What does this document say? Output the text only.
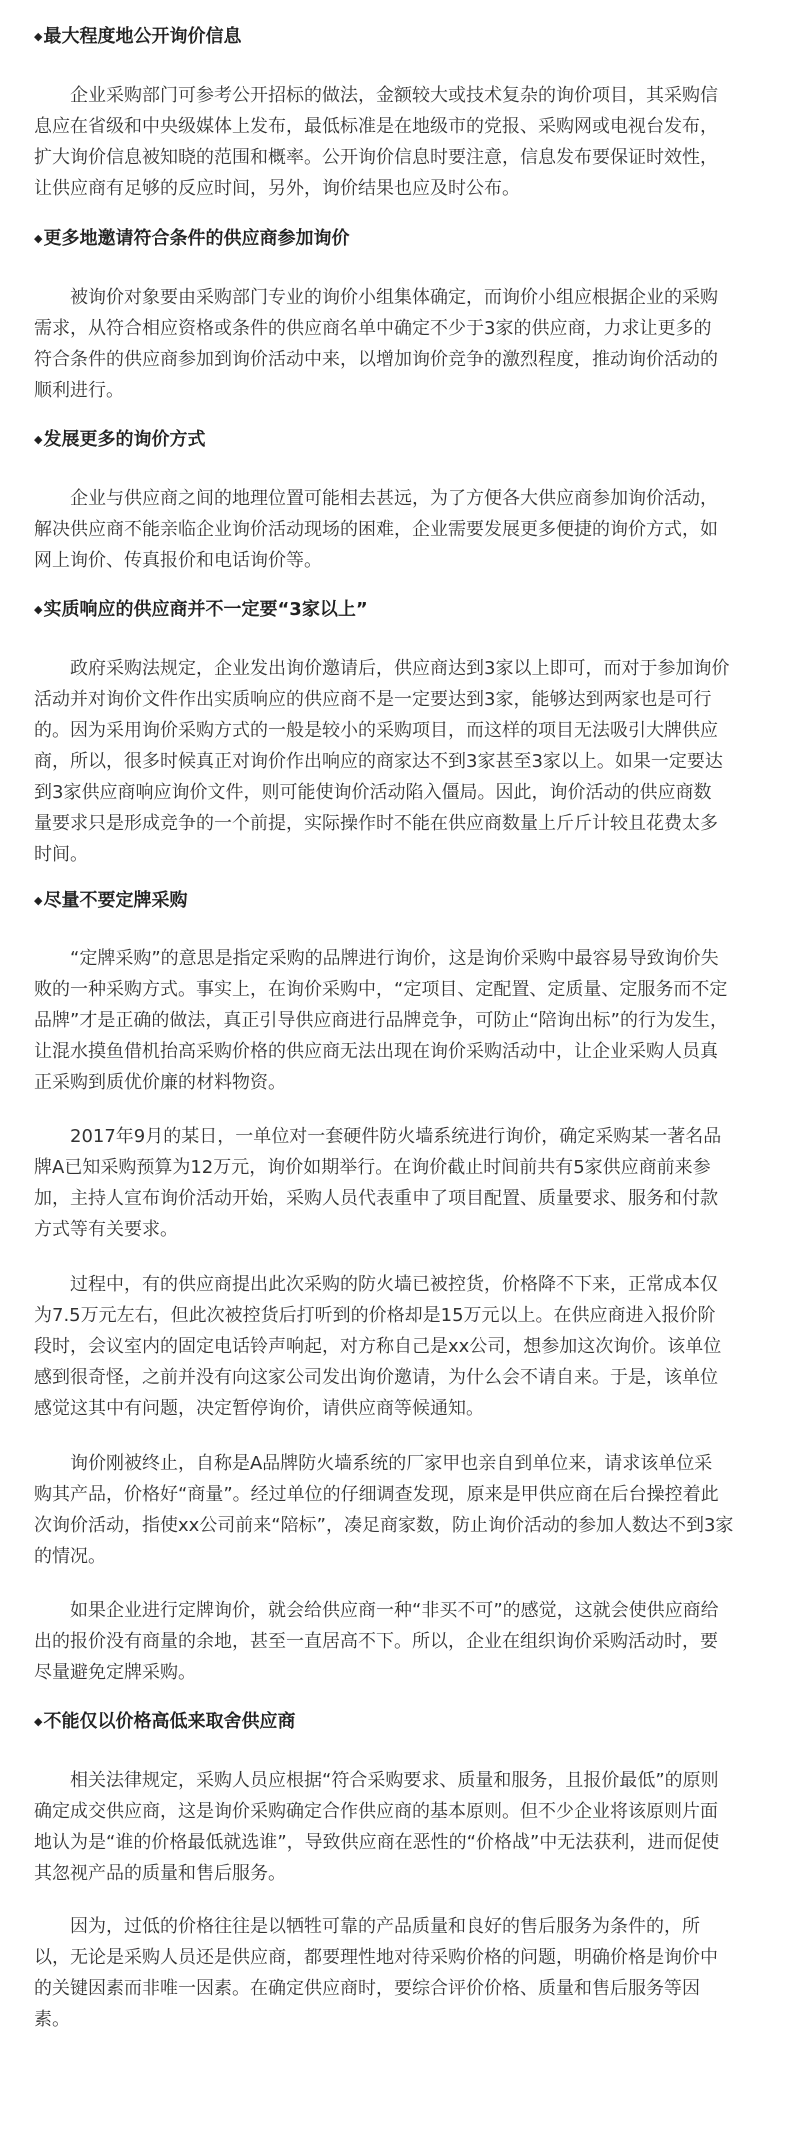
◆最大程度地公开询价信息
企业采购部门可参考公开招标的做法，金额较大或技术复杂的询价项目，其采购信
息应在省级和中央级媒体上发布，最低标准是在地级市的党报、采购网或电视台发布，
扩大询价信息被知晓的范围和概率。公开询价信息时要注意，信息发布要保证时效性，
让供应商有足够的反应时间，另外，询价结果也应及时公布。
◆更多地邀请符合条件的供应商参加询价
被询价对象要由采购部门专业的询价小组集体确定，而询价小组应根据企业的采购
需求，从符合相应资格或条件的供应商名单中确定不少于3家的供应商，力求让更多的
符合条件的供应商参加到询价活动中来，以增加询价竞争的激烈程度，推动询价活动的
顺利进行。
◆发展更多的询价方式
企业与供应商之间的地理位置可能相去甚远，为了方便各大供应商参加询价活动，
解决供应商不能亲临企业询价活动现场的困难，企业需要发展更多便捷的询价方式，如
网上询价、传真报价和电话询价等。
◆实质响应的供应商并不一定要“3家以上”
政府采购法规定，企业发出询价邀请后，供应商达到3家以上即可，而对于参加询价
活动并对询价文件作出实质响应的供应商不是一定要达到3家，能够达到两家也是可行
的。因为采用询价采购方式的一般是较小的采购项目，而这样的项目无法吸引大牌供应
商，所以，很多时候真正对询价作出响应的商家达不到3家甚至3家以上。如果一定要达
到3家供应商响应询价文件，则可能使询价活动陷入僵局。因此，询价活动的供应商数
量要求只是形成竞争的一个前提，实际操作时不能在供应商数量上斤斤计较且花费太多
时间。
◆尽量不要定牌采购
“定牌采购”的意思是指定采购的品牌进行询价，这是询价采购中最容易导致询价失
败的一种采购方式。事实上，在询价采购中，“定项目、定配置、定质量、定服务而不定
品牌”才是正确的做法，真正引导供应商进行品牌竞争，可防止“陪询出标”的行为发生，
让混水摸鱼借机抬高采购价格的供应商无法出现在询价采购活动中，让企业采购人员真
正采购到质优价廉的材料物资。
2017年9月的某日，一单位对一套硬件防火墙系统进行询价，确定采购某一著名品
牌A已知采购预算为12万元，询价如期举行。在询价截止时间前共有5家供应商前来参
加，主持人宣布询价活动开始，采购人员代表重申了项目配置、质量要求、服务和付款
方式等有关要求。
过程中，有的供应商提出此次采购的防火墙已被控货，价格降不下来，正常成本仅
为7.5万元左右，但此次被控货后打听到的价格却是15万元以上。在供应商进入报价阶
段时，会议室内的固定电话铃声响起，对方称自己是xx公司，想参加这次询价。该单位
感到很奇怪，之前并没有向这家公司发出询价邀请，为什么会不请自来。于是，该单位
感觉这其中有问题，决定暂停询价，请供应商等候通知。
询价刚被终止，自称是A品牌防火墙系统的厂家甲也亲自到单位来，请求该单位采
购其产品，价格好“商量”。经过单位的仔细调查发现，原来是甲供应商在后台操控着此
次询价活动，指使xx公司前来“陪标”，凑足商家数，防止询价活动的参加人数达不到3家
的情况。
如果企业进行定牌询价，就会给供应商一种“非买不可”的感觉，这就会使供应商给
出的报价没有商量的余地，甚至一直居高不下。所以，企业在组织询价采购活动时，要
尽量避免定牌采购。
◆不能仅以价格高低来取舍供应商
相关法律规定，采购人员应根据“符合采购要求、质量和服务，且报价最低”的原则
确定成交供应商，这是询价采购确定合作供应商的基本原则。但不少企业将该原则片面
地认为是“谁的价格最低就选谁”，导致供应商在恶性的“价格战”中无法获利，进而促使
其忽视产品的质量和售后服务。
因为，过低的价格往往是以牺牲可靠的产品质量和良好的售后服务为条件的，所
以，无论是采购人员还是供应商，都要理性地对待采购价格的问题，明确价格是询价中
的关键因素而非唯一因素。在确定供应商时，要综合评价价格、质量和售后服务等因
素。
